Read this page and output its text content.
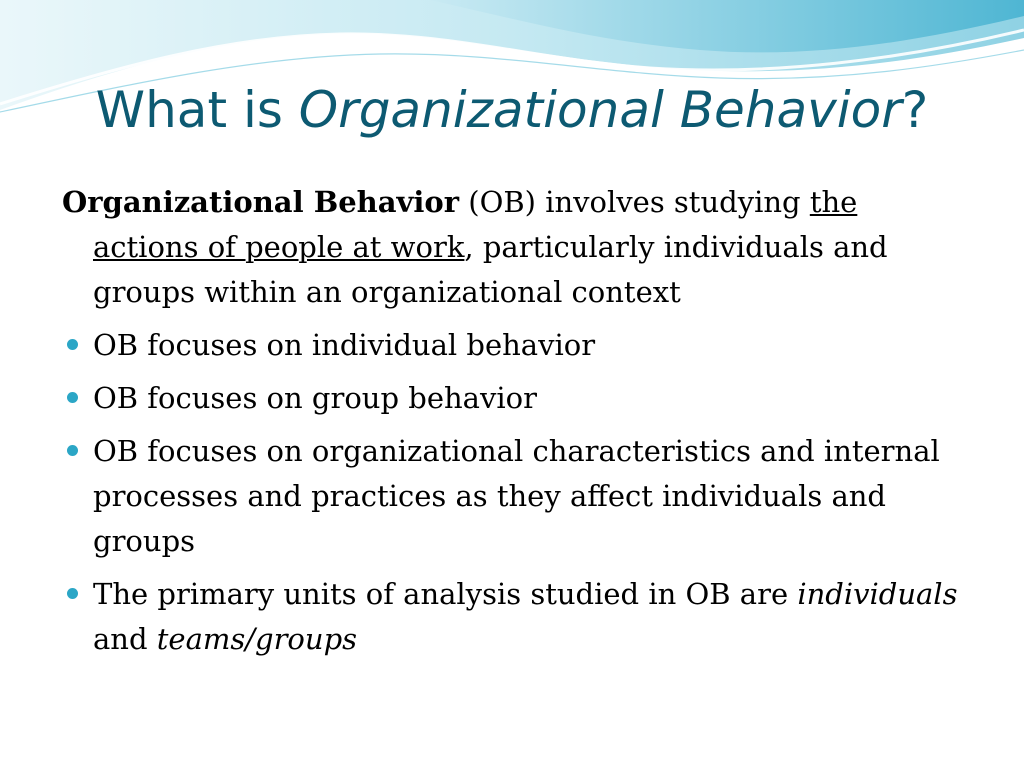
What is Organizational Behavior?

Organizational Behavior (OB) involves studying the actions of people at work, particularly individuals and groups within an organizational context

OB focuses on individual behavior

OB focuses on group behavior

OB focuses on organizational characteristics and internal processes and practices as they affect individuals and groups

The primary units of analysis studied in OB are individuals and teams/groups
